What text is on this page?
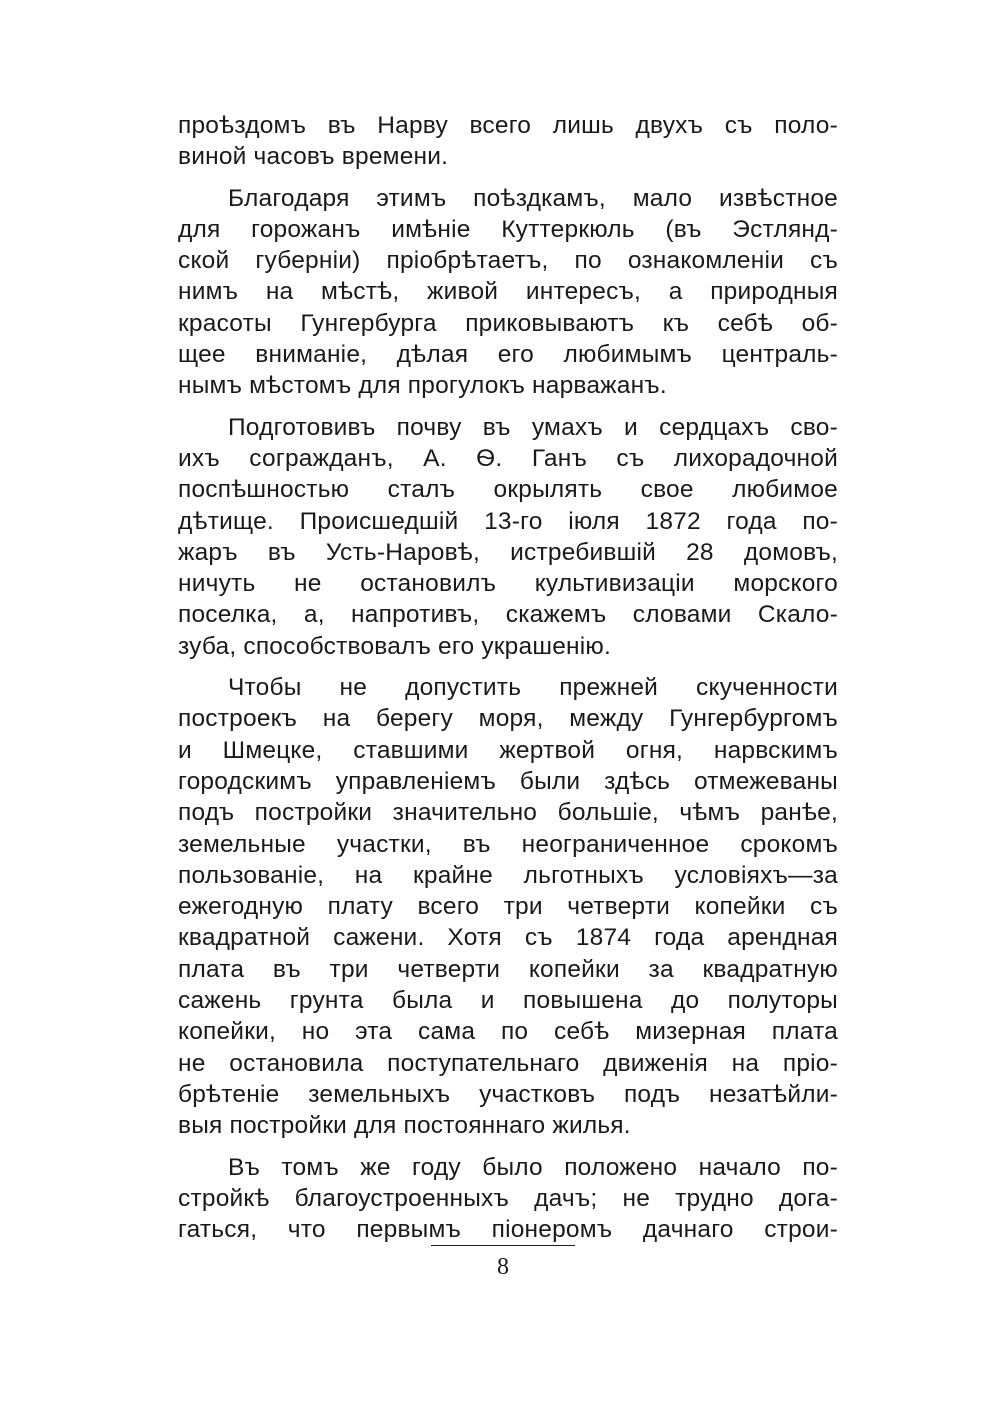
проѣздомъ въ Нарву всего лишь двухъ съ поло-
виной часовъ времени.
Благодаря этимъ поѣздкамъ, мало извѣстное
для горожанъ имѣніе Куттеркюль (въ Эстлянд-
ской губерніи) пріобрѣтаетъ, по ознакомленіи съ
нимъ на мѣстѣ, живой интересъ, а природныя
красоты Гунгербурга приковываютъ къ себѣ об-
щее вниманіе, дѣлая его любимымъ централь-
нымъ мѣстомъ для прогулокъ нарважанъ.
Подготовивъ почву въ умахъ и сердцахъ сво-
ихъ согражданъ, А. Ѳ. Ганъ съ лихорадочной
поспѣшностью сталъ окрылять свое любимое
дѣтище. Происшедшій 13-го іюля 1872 года по-
жаръ въ Усть-Наровѣ, истребившій 28 домовъ,
ничуть не остановилъ культивизаціи морского
поселка, а, напротивъ, скажемъ словами Скало-
зуба, способствовалъ его украшенію.
Чтобы не допустить прежней скученности
построекъ на берегу моря, между Гунгербургомъ
и Шмецке, ставшими жертвой огня, нарвскимъ
городскимъ управленіемъ были здѣсь отмежеваны
подъ постройки значительно большіе, чѣмъ ранѣе,
земельные участки, въ неограниченное срокомъ
пользованіе, на крайне льготныхъ условіяхъ—за
ежегодную плату всего три четверти копейки съ
квадратной сажени. Хотя съ 1874 года арендная
плата въ три четверти копейки за квадратную
сажень грунта была и повышена до полуторы
копейки, но эта сама по себѣ мизерная плата
не остановила поступательнаго движенія на прiо-
брѣтеніе земельныхъ участковъ подъ незатѣйли-
выя постройки для постояннаго жилья.
Въ томъ же году было положено начало по-
стройкѣ благоустроенныхъ дачъ; не трудно дога-
гаться, что первымъ піонеромъ дачнаго строи-
8
